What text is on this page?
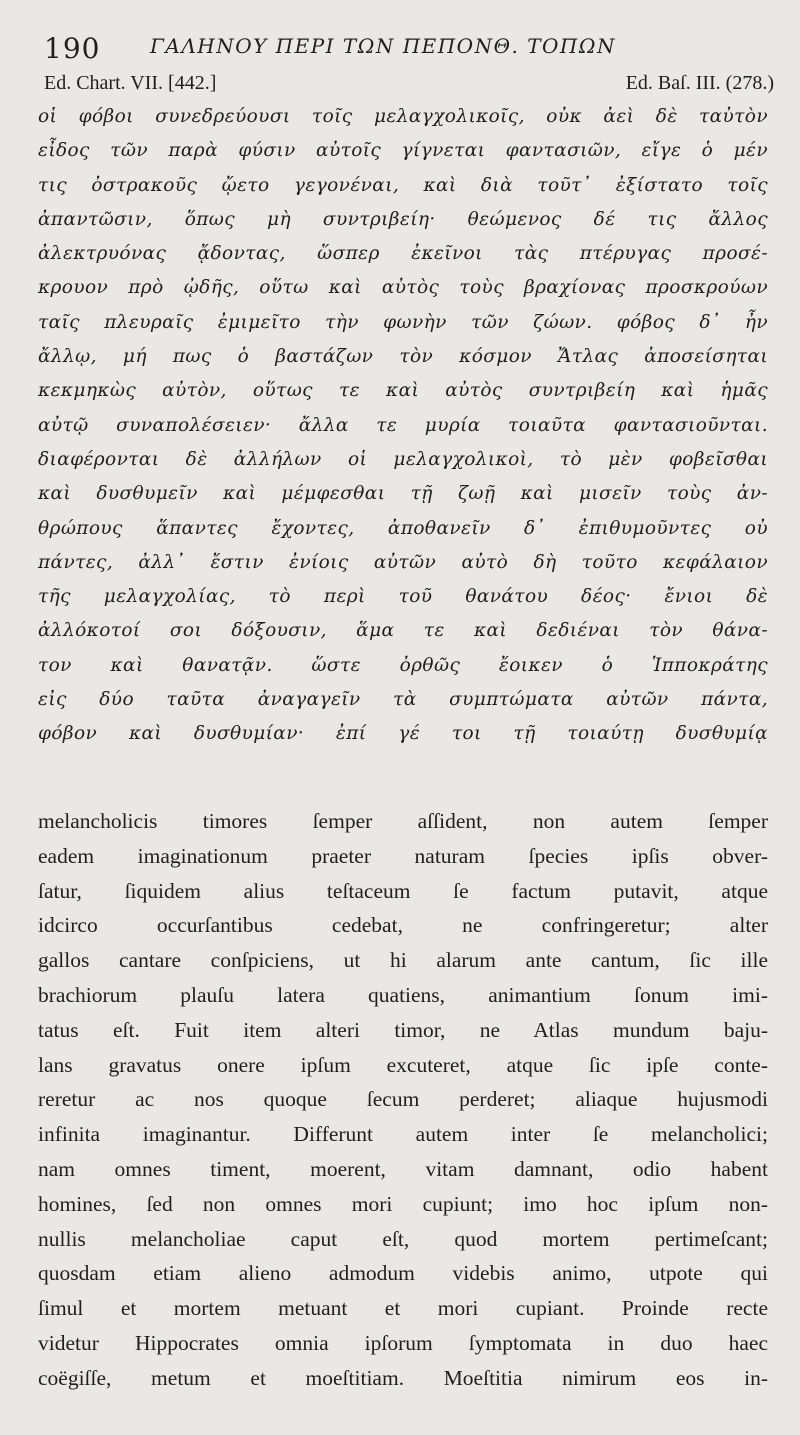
190 ΓΑΛΗΝΟΥ ΠΕΡΙ ΤΩΝ ΠΕΠΟΝΘ. ΤΟΠΩΝ
Ed. Chart. VII. [442.]	Ed. Baſ. III. (278.)
οἱ φόβοι συνεδρεύουσι τοῖς μελαγχολικοῖς, οὐκ ἀεὶ δὲ ταὐτὸν
εἶδος τῶν παρὰ φύσιν αὐτοῖς γίγνεται φαντασιῶν, εἴγε ὁ μέν
τις ὀστρακοῦς ᾤετο γεγονέναι, καὶ διὰ τοῦτ᾽ ἐξίστατο τοῖς
ἀπαντῶσιν, ὅπως μὴ συντριβείη· θεώμενος δέ τις ἄλλος
ἀλεκτρυόνας ᾄδοντας, ὥσπερ ἐκεῖνοι τὰς πτέρυγας προσέ-
κρουον πρὸ ᾠδῆς, οὕτω καὶ αὐτὸς τοὺς βραχίονας προσκρούων
ταῖς πλευραῖς ἐμιμεῖτο τὴν φωνὴν τῶν ζώων. φόβος δ᾽ ἦν
ἄλλῳ, μή πως ὁ βαστάζων τὸν κόσμον Ἄτλας ἀποσείσηται
κεκμηκὼς αὐτὸν, οὕτως τε καὶ αὐτὸς συντριβείη καὶ ἡμᾶς
αὐτῷ συναπολέσειεν· ἄλλα τε μυρία τοιαῦτα φαντασιοῦνται.
διαφέρονται δὲ ἀλλήλων οἱ μελαγχολικοὶ, τὸ μὲν φοβεῖσθαι
καὶ δυσθυμεῖν καὶ μέμφεσθαι τῇ ζωῇ καὶ μισεῖν τοὺς ἀν-
θρώπους ἅπαντες ἔχοντες, ἀποθανεῖν δ᾽ ἐπιθυμοῦντες οὐ
πάντες, ἀλλ᾽ ἔστιν ἐνίοις αὐτῶν αὐτὸ δὴ τοῦτο κεφάλαιον
τῆς μελαγχολίας, τὸ περὶ τοῦ θανάτου δέος· ἔνιοι δὲ
ἀλλόκοτοί σοι δόξουσιν, ἅμα τε καὶ δεδιέναι τὸν θάνα-
τον καὶ θανατᾷν. ὥστε ὀρθῶς ἔοικεν ὁ Ἱπποκράτης
εἰς δύο ταῦτα ἀναγαγεῖν τὰ συμπτώματα αὐτῶν πάντα,
φόβον καὶ δυσθυμίαν· ἐπί γέ τοι τῇ τοιαύτῃ δυσθυμίᾳ
melancholicis timores ſemper aſſident, non autem ſemper
eadem imaginationum praeter naturam ſpecies ipſis obver-
ſatur, ſiquidem alius teſtaceum ſe factum putavit, atque
idcirco occurſantibus cedebat, ne confringeretur; alter
gallos cantare conſpiciens, ut hi alarum ante cantum, ſic ille
brachiorum plauſu latera quatiens, animantium ſonum imi-
tatus eſt. Fuit item alteri timor, ne Atlas mundum baju-
lans gravatus onere ipſum excuteret, atque ſic ipſe conte-
reretur ac nos quoque ſecum perderet; aliaque hujusmodi
infinita imaginantur. Differunt autem inter ſe melancholici;
nam omnes timent, moerent, vitam damnant, odio habent
homines, ſed non omnes mori cupiunt; imo hoc ipſum non-
nullis melancholiae caput eſt, quod mortem pertimeſcant;
quosdam etiam alieno admodum videbis animo, utpote qui
ſimul et mortem metuant et mori cupiant. Proinde recte
videtur Hippocrates omnia ipſorum ſymptomata in duo haec
coëgiſſe, metum et moeſtitiam. Moeſtitia nimirum eos in-
